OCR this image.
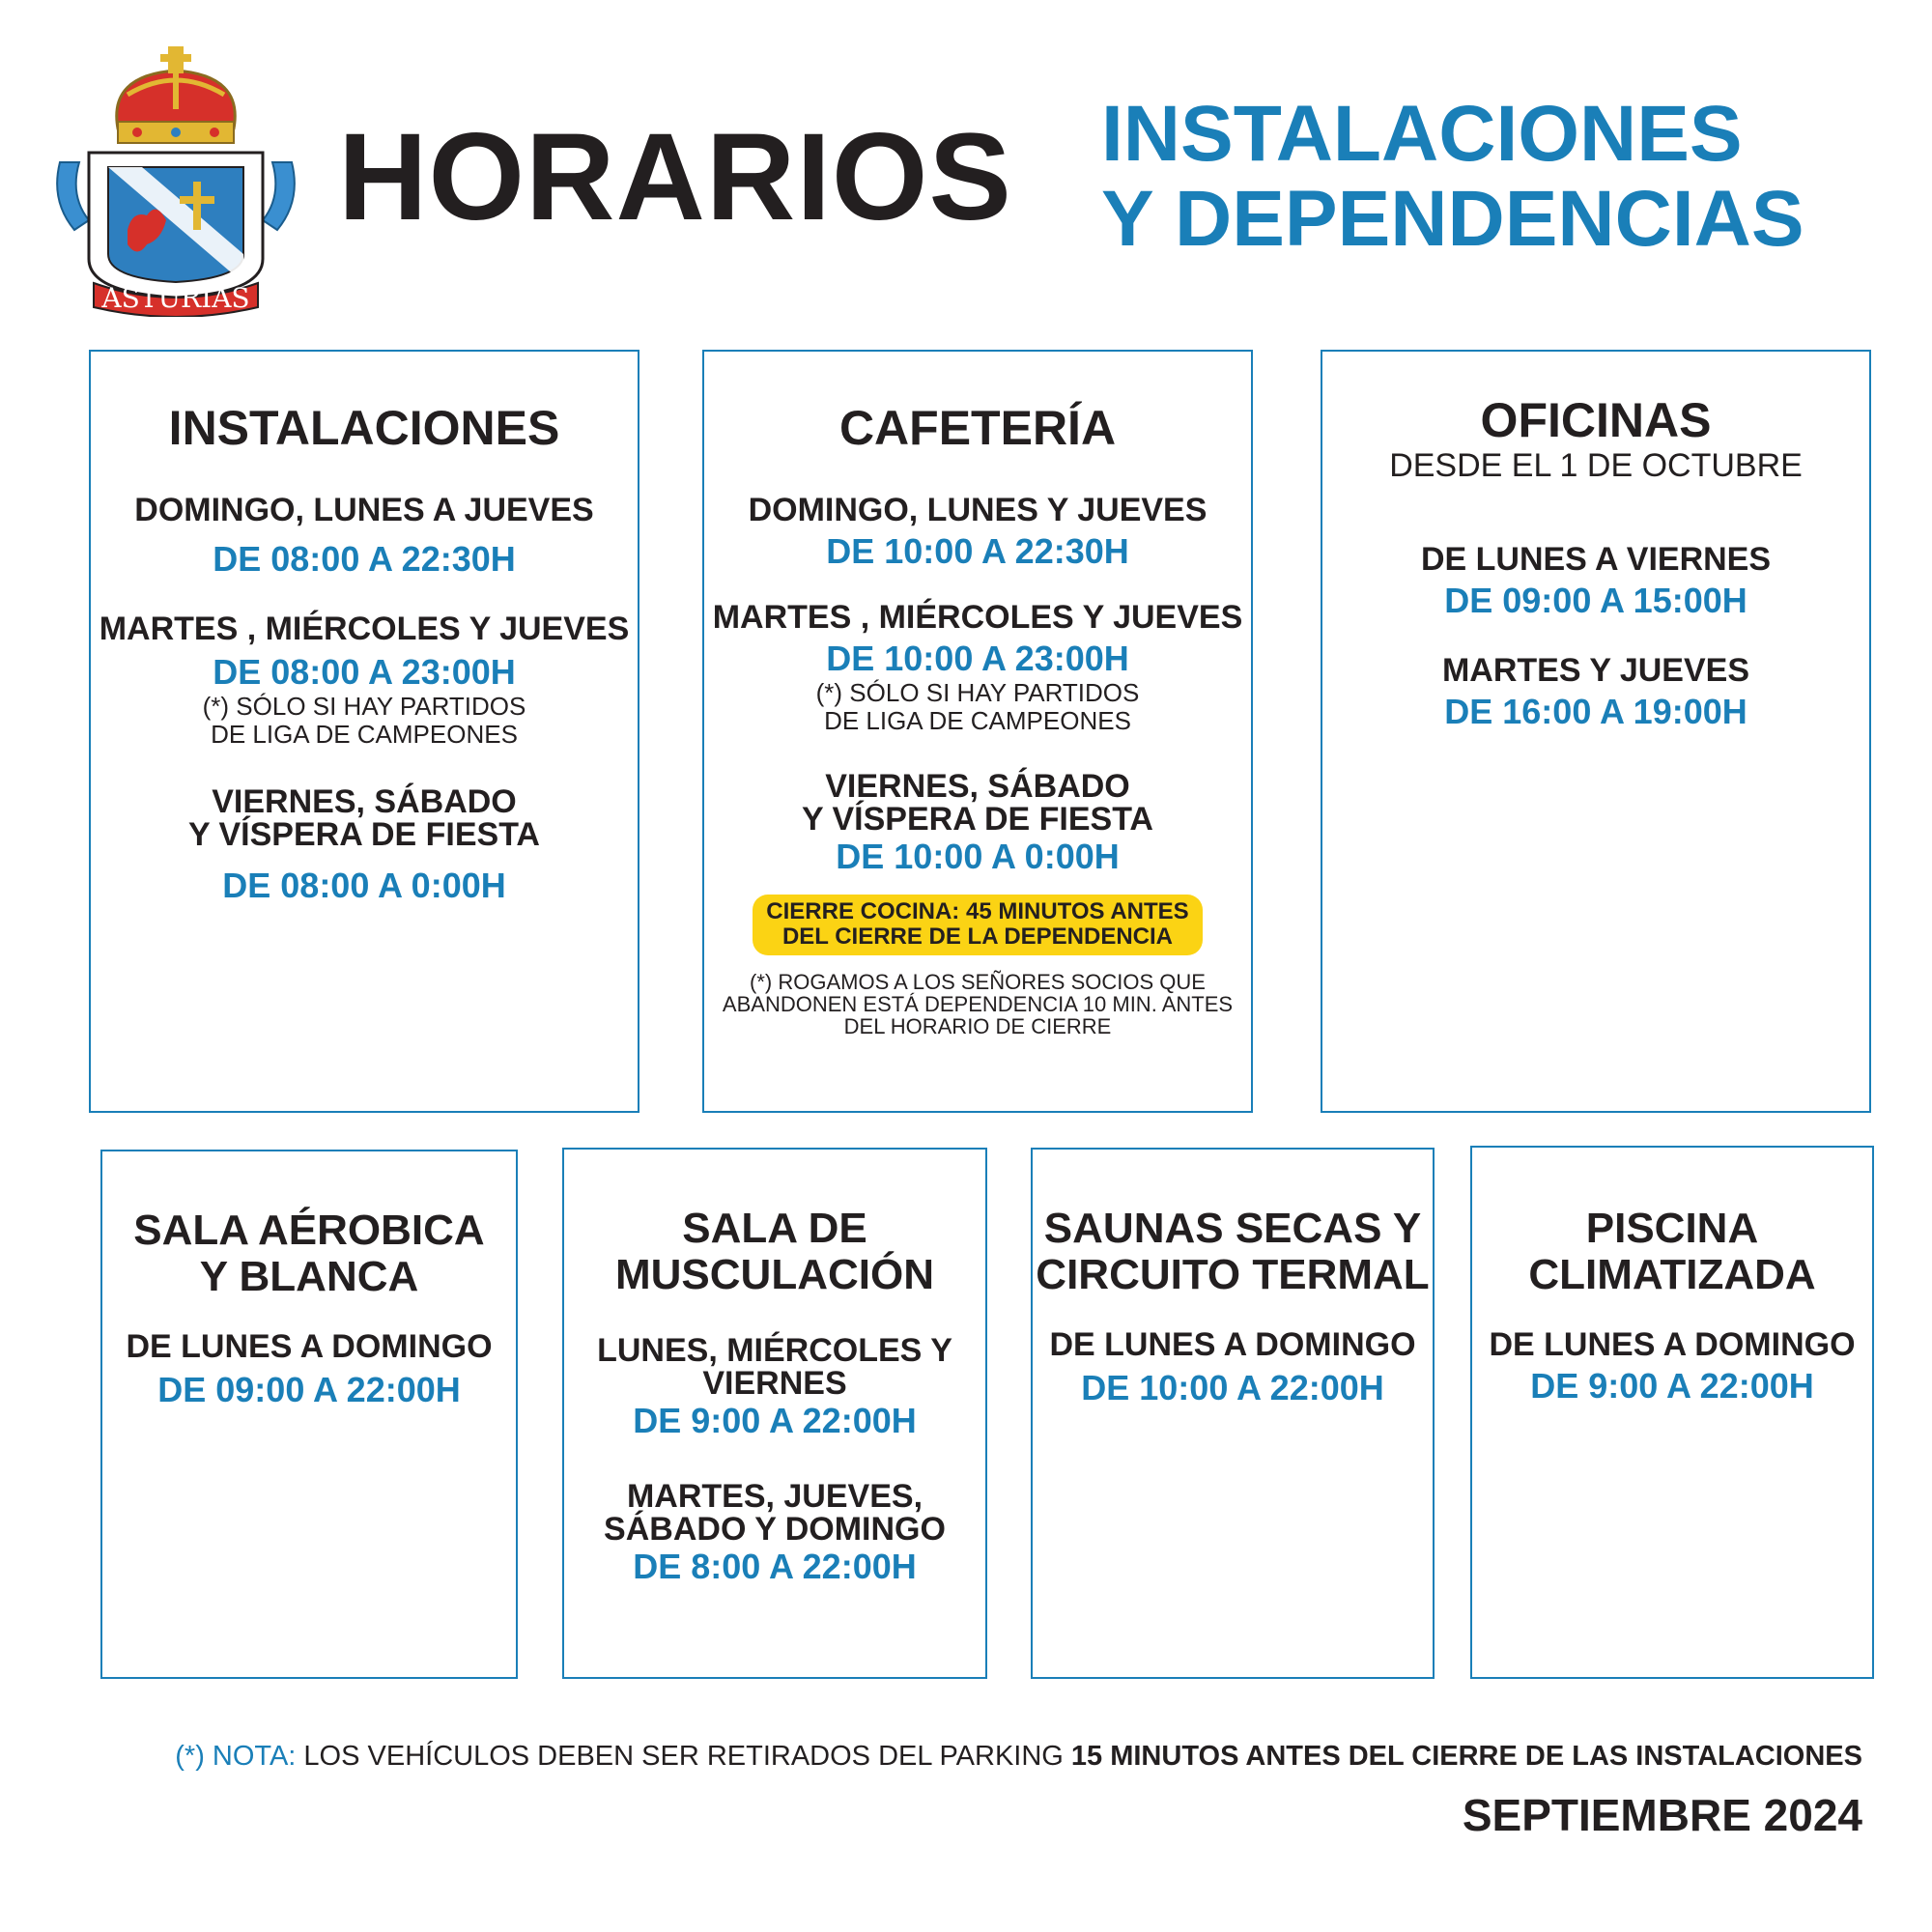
ASTURIAS
HORARIOS INSTALACIONES
Y DEPENDENCIAS
INSTALACIONES
DOMINGO, LUNES A JUEVES
DE 08:00 A 22:30H
MARTES , MIÉRCOLES Y JUEVES
DE 08:00 A 23:00H
(*) SÓLO SI HAY PARTIDOS
DE LIGA DE CAMPEONES
VIERNES, SÁBADO
Y VÍSPERA DE FIESTA
DE 08:00 A 0:00H
CAFETERÍA
DOMINGO, LUNES Y JUEVES
DE 10:00 A 22:30H
MARTES , MIÉRCOLES Y JUEVES
DE 10:00 A 23:00H
(*) SÓLO SI HAY PARTIDOS
DE LIGA DE CAMPEONES
VIERNES, SÁBADO
Y VÍSPERA DE FIESTA
DE 10:00 A 0:00H
CIERRE COCINA: 45 MINUTOS ANTES
DEL CIERRE DE LA DEPENDENCIA
(*) ROGAMOS A LOS SEÑORES SOCIOS QUE
ABANDONEN ESTÁ DEPENDENCIA 10 MIN. ANTES
DEL HORARIO DE CIERRE
OFICINAS
DESDE EL 1 DE OCTUBRE
DE LUNES A VIERNES
DE 09:00 A 15:00H
MARTES Y JUEVES
DE 16:00 A 19:00H
SALA AÉROBICA
Y BLANCA
DE LUNES A DOMINGO
DE 09:00 A 22:00H
SALA DE
MUSCULACIÓN
LUNES, MIÉRCOLES Y
VIERNES
DE 9:00 A 22:00H
MARTES, JUEVES,
SÁBADO Y DOMINGO
DE 8:00 A 22:00H
SAUNAS SECAS Y
CIRCUITO TERMAL
DE LUNES A DOMINGO
DE 10:00 A 22:00H
PISCINA
CLIMATIZADA
DE LUNES A DOMINGO
DE 9:00 A 22:00H
(*) NOTA: LOS VEHÍCULOS DEBEN SER RETIRADOS DEL PARKING 15 MINUTOS ANTES DEL CIERRE DE LAS INSTALACIONES
SEPTIEMBRE 2024
